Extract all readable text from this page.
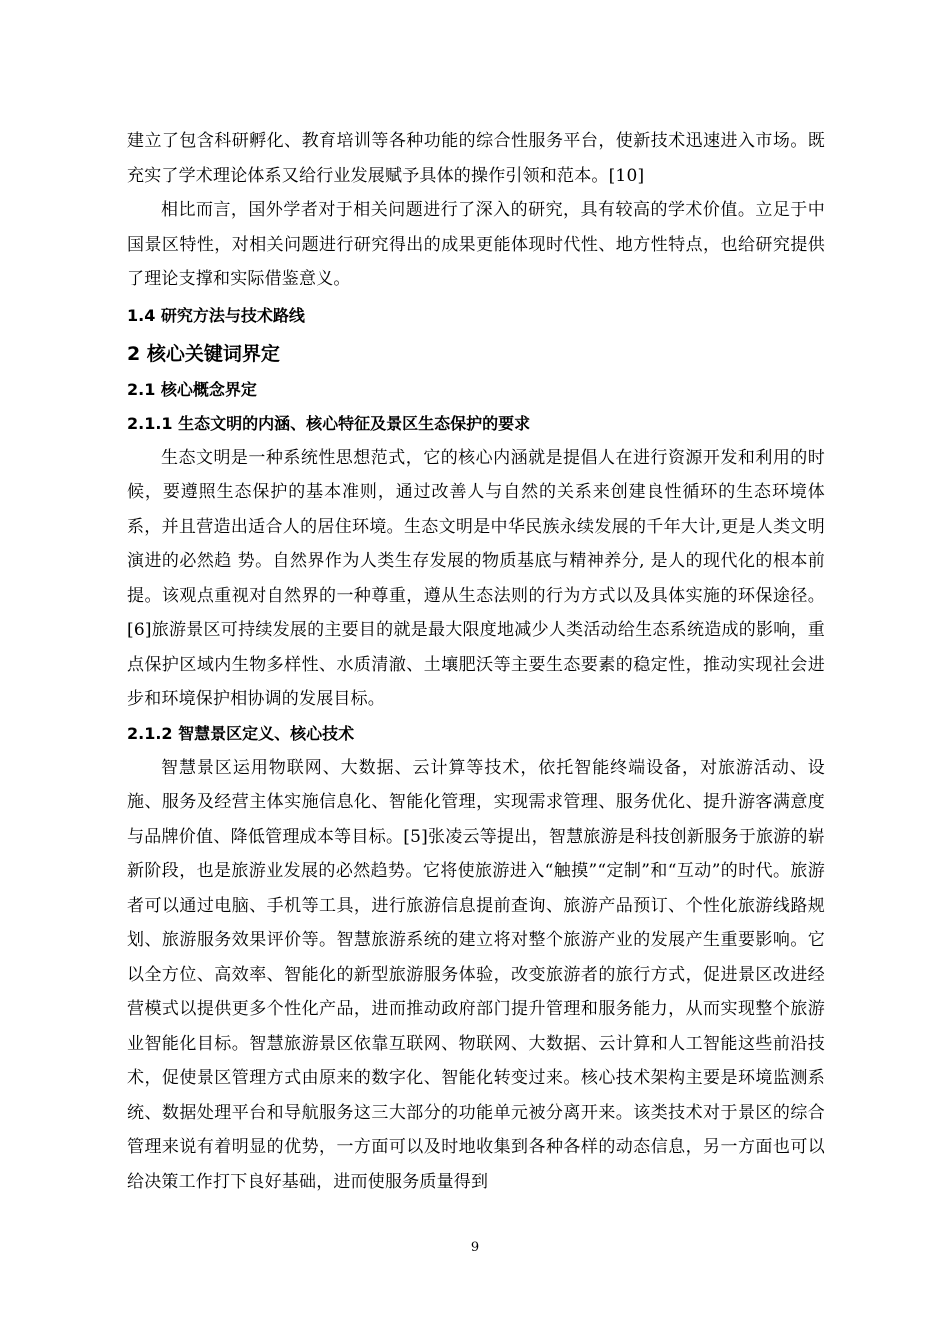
建立了包含科研孵化、教育培训等各种功能的综合性服务平台，使新技术迅速进入市场。既充实了学术理论体系又给行业发展赋予具体的操作引领和范本。[10]

相比而言，国外学者对于相关问题进行了深入的研究，具有较高的学术价值。立足于中国景区特性，对相关问题进行研究得出的成果更能体现时代性、地方性特点，也给研究提供了理论支撑和实际借鉴意义。

1.4 研究方法与技术路线
2 核心关键词界定
2.1 核心概念界定
2.1.1 生态文明的内涵、核心特征及景区生态保护的要求

生态文明是一种系统性思想范式，它的核心内涵就是提倡人在进行资源开发和利用的时候，要遵照生态保护的基本准则，通过改善人与自然的关系来创建良性循环的生态环境体系，并且营造出适合人的居住环境。生态文明是中华民族永续发展的千年大计,更是人类文明演进的必然趋 势。自然界作为人类生存发展的物质基底与精神养分, 是人的现代化的根本前提。该观点重视对自然界的一种尊重，遵从生态法则的行为方式以及具体实施的环保途径。[6]旅游景区可持续发展的主要目的就是最大限度地减少人类活动给生态系统造成的影响，重点保护区域内生物多样性、水质清澈、土壤肥沃等主要生态要素的稳定性，推动实现社会进步和环境保护相协调的发展目标。

2.1.2 智慧景区定义、核心技术

智慧景区运用物联网、大数据、云计算等技术，依托智能终端设备，对旅游活动、设施、服务及经营主体实施信息化、智能化管理，实现需求管理、服务优化、提升游客满意度与品牌价值、降低管理成本等目标。[5]张凌云等提出，智慧旅游是科技创新服务于旅游的崭新阶段，也是旅游业发展的必然趋势。它将使旅游进入“触摸”“定制”和“互动”的时代。旅游者可以通过电脑、手机等工具，进行旅游信息提前查询、旅游产品预订、个性化旅游线路规划、旅游服务效果评价等。智慧旅游系统的建立将对整个旅游产业的发展产生重要影响。它以全方位、高效率、智能化的新型旅游服务体验，改变旅游者的旅行方式，促进景区改进经营模式以提供更多个性化产品，进而推动政府部门提升管理和服务能力，从而实现整个旅游业智能化目标。智慧旅游景区依靠互联网、物联网、大数据、云计算和人工智能这些前沿技术，促使景区管理方式由原来的数字化、智能化转变过来。核心技术架构主要是环境监测系统、数据处理平台和导航服务这三大部分的功能单元被分离开来。该类技术对于景区的综合管理来说有着明显的优势，一方面可以及时地收集到各种各样的动态信息，另一方面也可以给决策工作打下良好基础，进而使服务质量得到

9
